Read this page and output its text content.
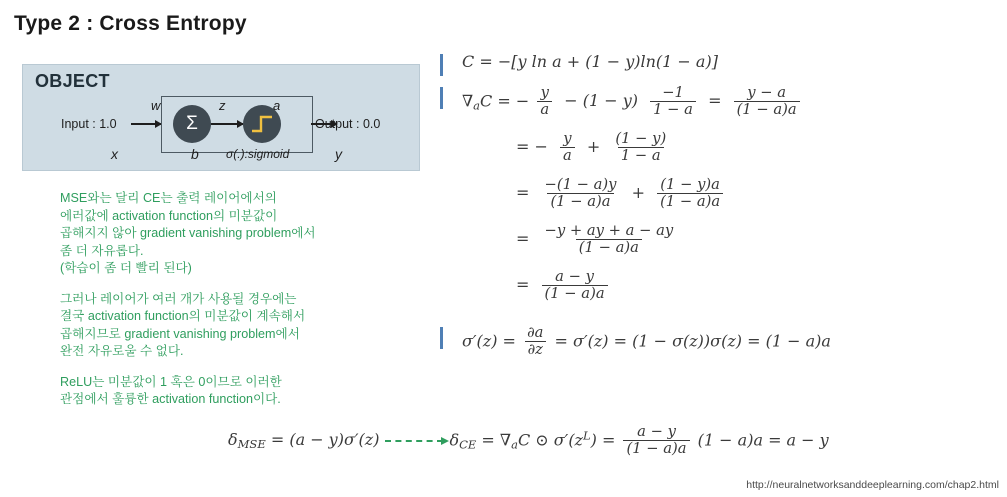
Type 2 : Cross Entropy
OBJECT
Input : 1.0
w
Σ
z	a
Output : 0.0
x	b σ(.):sigmoid	y
MSE와는 달리 CE는 출력 레이어에서의
에러값에 activation function의 미분값이
곱해지지 않아 gradient vanishing problem에서
좀 더 자유롭다.
(학습이 좀 더 빨리 된다)
그러나 레이어가 여러 개가 사용될 경우에는
결국 activation function의 미분값이 계속해서
곱해지므로 gradient vanishing problem에서
완전 자유로울 수 없다.
ReLU는 미분값이 1 혹은 0이므로 이러한
관점에서 훌륭한 activation function이다.
C = −[y ln a + (1 − y)ln(1 − a)]
$\nabla_aC$ = − $\frac{y}{a} - (1 - y) \frac{-1}{1 - a} = \frac{y - a}{(1 - a)a}$
= − $\frac{y}{a} + \frac{(1 - y)}{1 - a}$
= $\frac{-(1 - a)y}{(1 - a)a} + \frac{(1 - y)a}{(1 - a)a}$
= $\frac{-y + ay + a - ay}{(1 - a)a}$
= $\frac{a - y}{(1 - a)a}$
$\sigma'(z) = \frac{\partial a}{\partial z} = \sigma'(z) = (1 - \sigma(z))\sigma(z) = (1 - a)a$
$\delta_{MSE} = (a - y)\sigma'(z)$	$\delta_{CE} = \nabla_aC$ ⊙ $\sigma'(z^L) = \frac{a - y}{(1 - a)a} (1 - a)a = a - y$
http://neuralnetworksanddeeplearning.com/chap2.html
